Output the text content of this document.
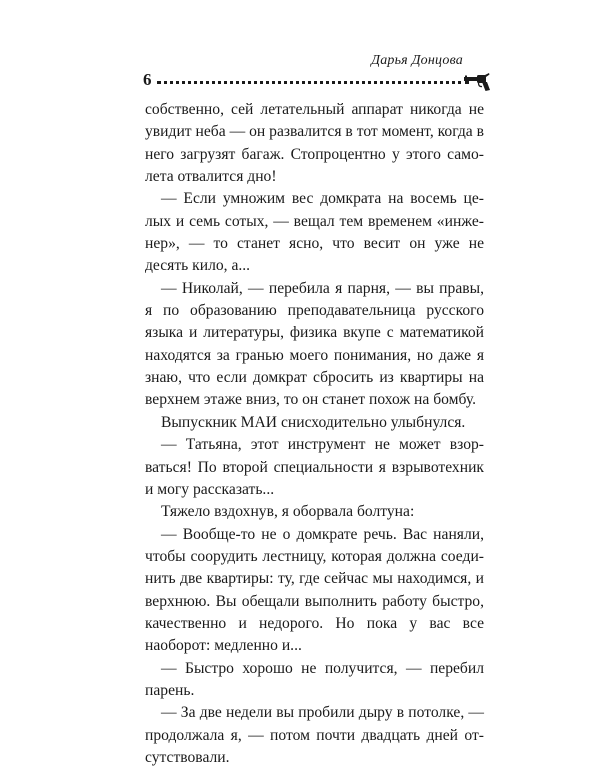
6
Дарья Донцова

собственно, сей летательный аппарат никогда не увидит неба — он развалится в тот момент, когда в него загрузят багаж. Стопроцентно у этого самолета отвалится дно!

— Если умножим вес домкрата на восемь целых и семь сотых, — вещал тем временем «инженер», — то станет ясно, что весит он уже не десять кило, а...

— Николай, — перебила я парня, — вы правы, я по образованию преподавательница русского языка и литературы, физика вкупе с математикой находятся за гранью моего понимания, но даже я знаю, что если домкрат сбросить из квартиры на верхнем этаже вниз, то он станет похож на бомбу.

Выпускник МАИ снисходительно улыбнулся.

— Татьяна, этот инструмент не может взорваться! По второй специальности я взрывотехник и могу рассказать...

Тяжело вздохнув, я оборвала болтуна:

— Вообще-то не о домкрате речь. Вас наняли, чтобы соорудить лестницу, которая должна соединить две квартиры: ту, где сейчас мы находимся, и верхнюю. Вы обещали выполнить работу быстро, качественно и недорого. Но пока у вас все наоборот: медленно и...

— Быстро хорошо не получится, — перебил парень.

— За две недели вы пробили дыру в потолке, — продолжала я, — потом почти двадцать дней отсутствовали.
